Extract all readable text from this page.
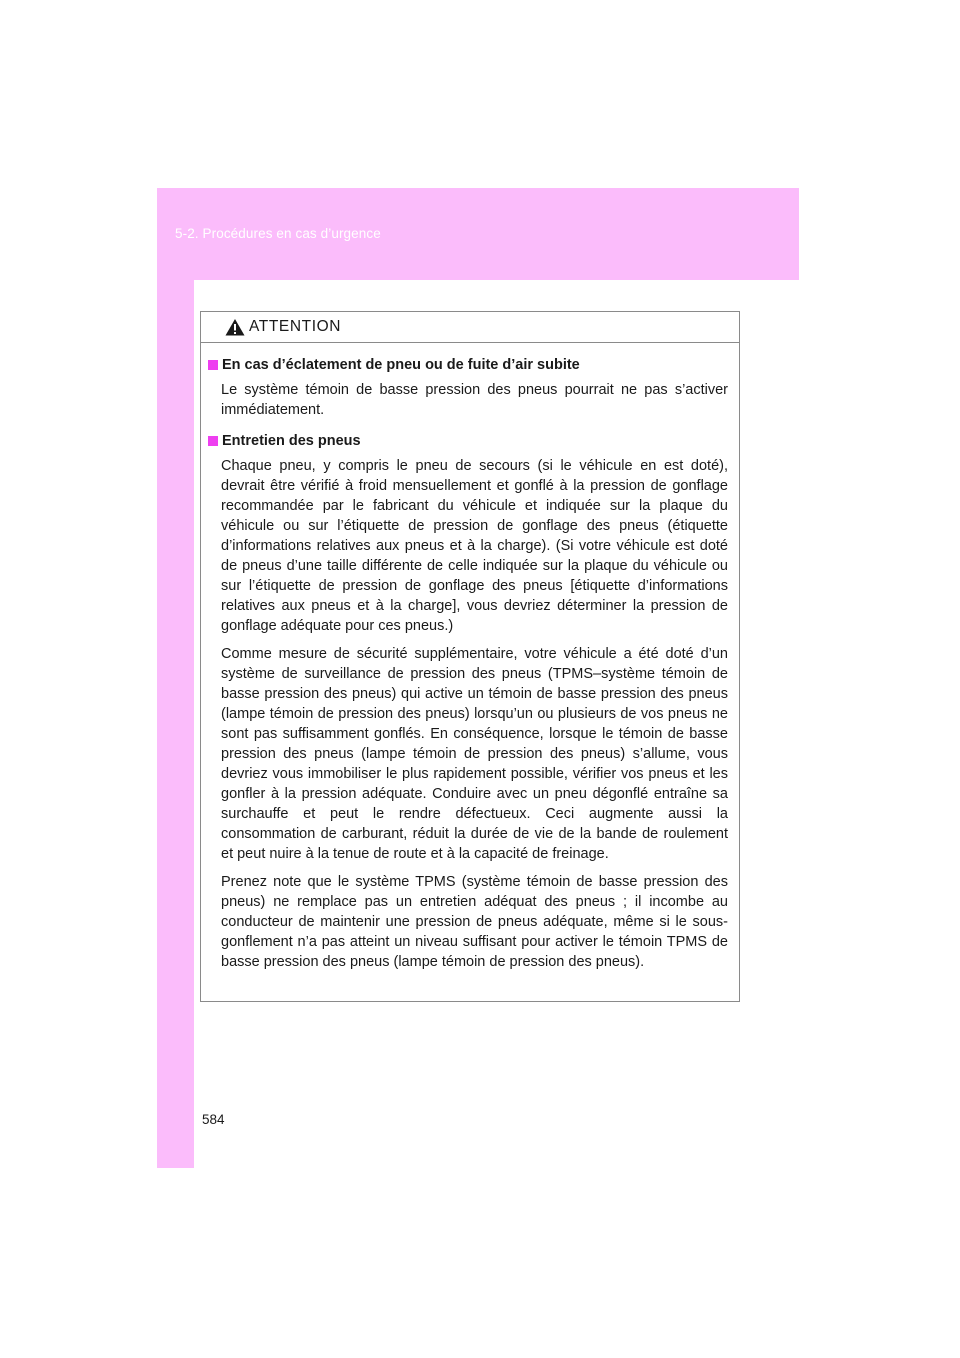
5-2. Procédures en cas d’urgence
ATTENTION
En cas d’éclatement de pneu ou de fuite d’air subite

Le système témoin de basse pression des pneus pourrait ne pas s’activer immédiatement.

Entretien des pneus

Chaque pneu, y compris le pneu de secours (si le véhicule en est doté), devrait être vérifié à froid mensuellement et gonflé à la pression de gonflage recommandée par le fabricant du véhicule et indiquée sur la plaque du véhicule ou sur l’étiquette de pression de gonflage des pneus (étiquette d’informations relatives aux pneus et à la charge). (Si votre véhicule est doté de pneus d’une taille différente de celle indiquée sur la plaque du véhicule ou sur l’étiquette de pression de gonflage des pneus [étiquette d’informations relatives aux pneus et à la charge], vous devriez déterminer la pression de gonflage adéquate pour ces pneus.)

Comme mesure de sécurité supplémentaire, votre véhicule a été doté d’un système de surveillance de pression des pneus (TPMS–système témoin de basse pression des pneus) qui active un témoin de basse pression des pneus (lampe témoin de pression des pneus) lorsqu’un ou plusieurs de vos pneus ne sont pas suffisamment gonflés. En conséquence, lorsque le témoin de basse pression des pneus (lampe témoin de pression des pneus) s’allume, vous devriez vous immobiliser le plus rapidement possible, vérifier vos pneus et les gonfler à la pression adéquate. Conduire avec un pneu dégonflé entraîne sa surchauffe et peut le rendre défectueux. Ceci augmente aussi la consommation de carburant, réduit la durée de vie de la bande de roulement et peut nuire à la tenue de route et à la capacité de freinage.

Prenez note que le système TPMS (système témoin de basse pression des pneus) ne remplace pas un entretien adéquat des pneus ; il incombe au conducteur de maintenir une pression de pneus adéquate, même si le sous-gonflement n’a pas atteint un niveau suffisant pour activer le témoin TPMS de basse pression des pneus (lampe témoin de pression des pneus).

584
